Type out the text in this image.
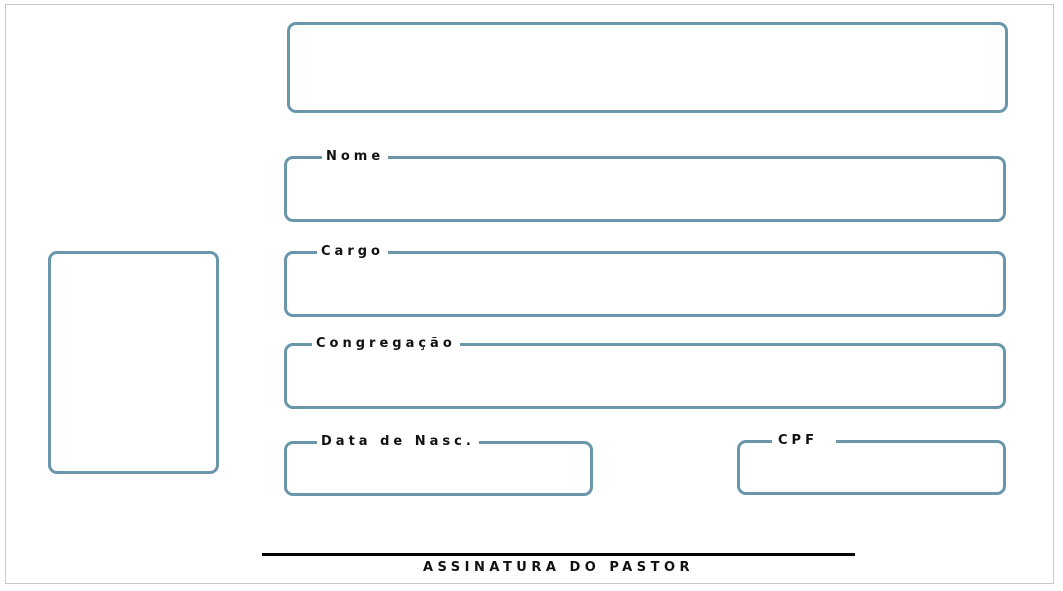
Nome
Cargo
Congregação
Data de Nasc.	CPF
ASSINATURA DO PASTOR
